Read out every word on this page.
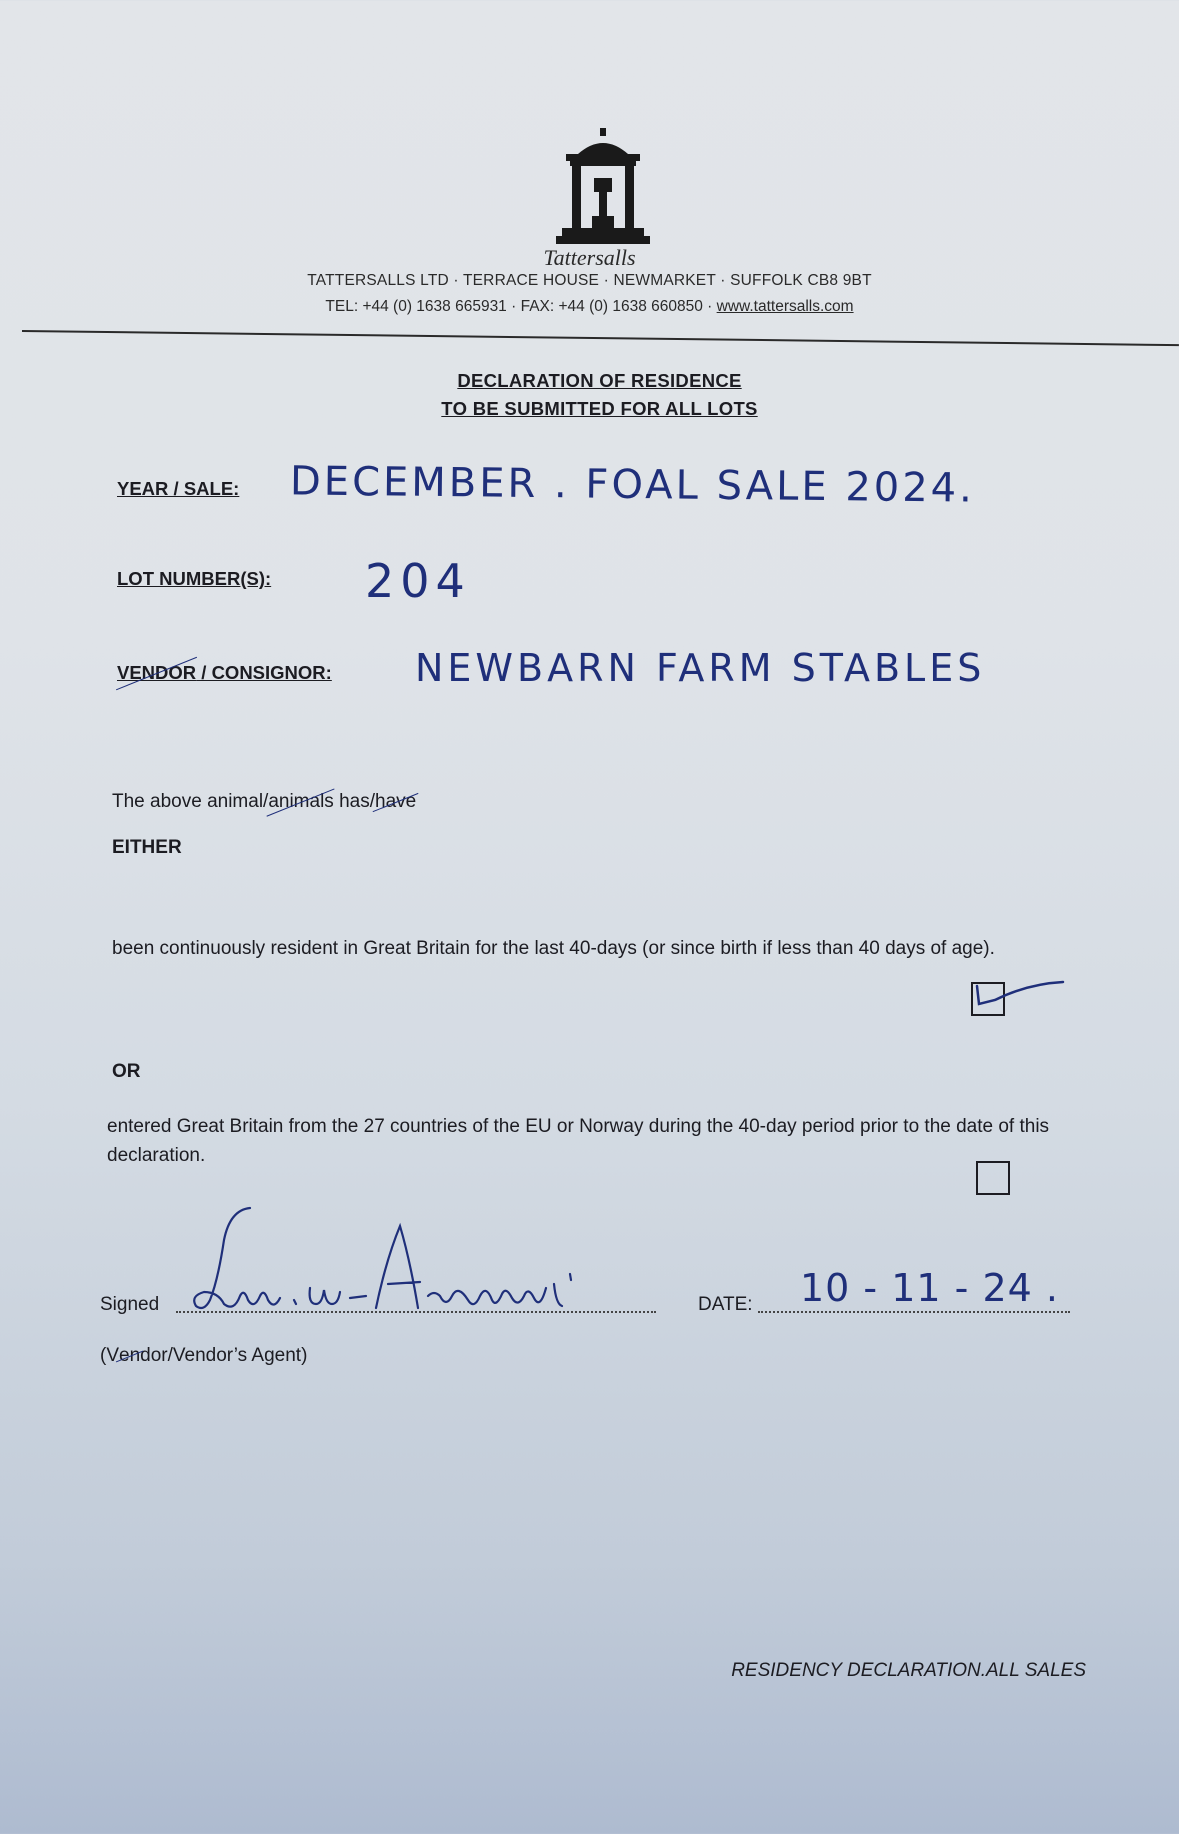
Tattersalls
TATTERSALLS LTD · TERRACE HOUSE · NEWMARKET · SUFFOLK CB8 9BT
TEL: +44 (0) 1638 665931 · FAX: +44 (0) 1638 660850 · www.tattersalls.com
DECLARATION OF RESIDENCE
TO BE SUBMITTED FOR ALL LOTS
YEAR / SALE: DECEMBER . FOAL SALE 2024.
LOT NUMBER(S): 204
VENDOR / CONSIGNOR: NEWBARN FARM STABLES
The above animal/animals has/have
EITHER
been continuously resident in Great Britain for the last 40-days (or since birth if less than 40 days of age).
OR
entered Great Britain from the 27 countries of the EU or Norway during the 40-day period prior to the date of this declaration.
Signed	DATE: 10 - 11 - 24 .
(Vendor/Vendor’s Agent)
RESIDENCY DECLARATION.ALL SALES
